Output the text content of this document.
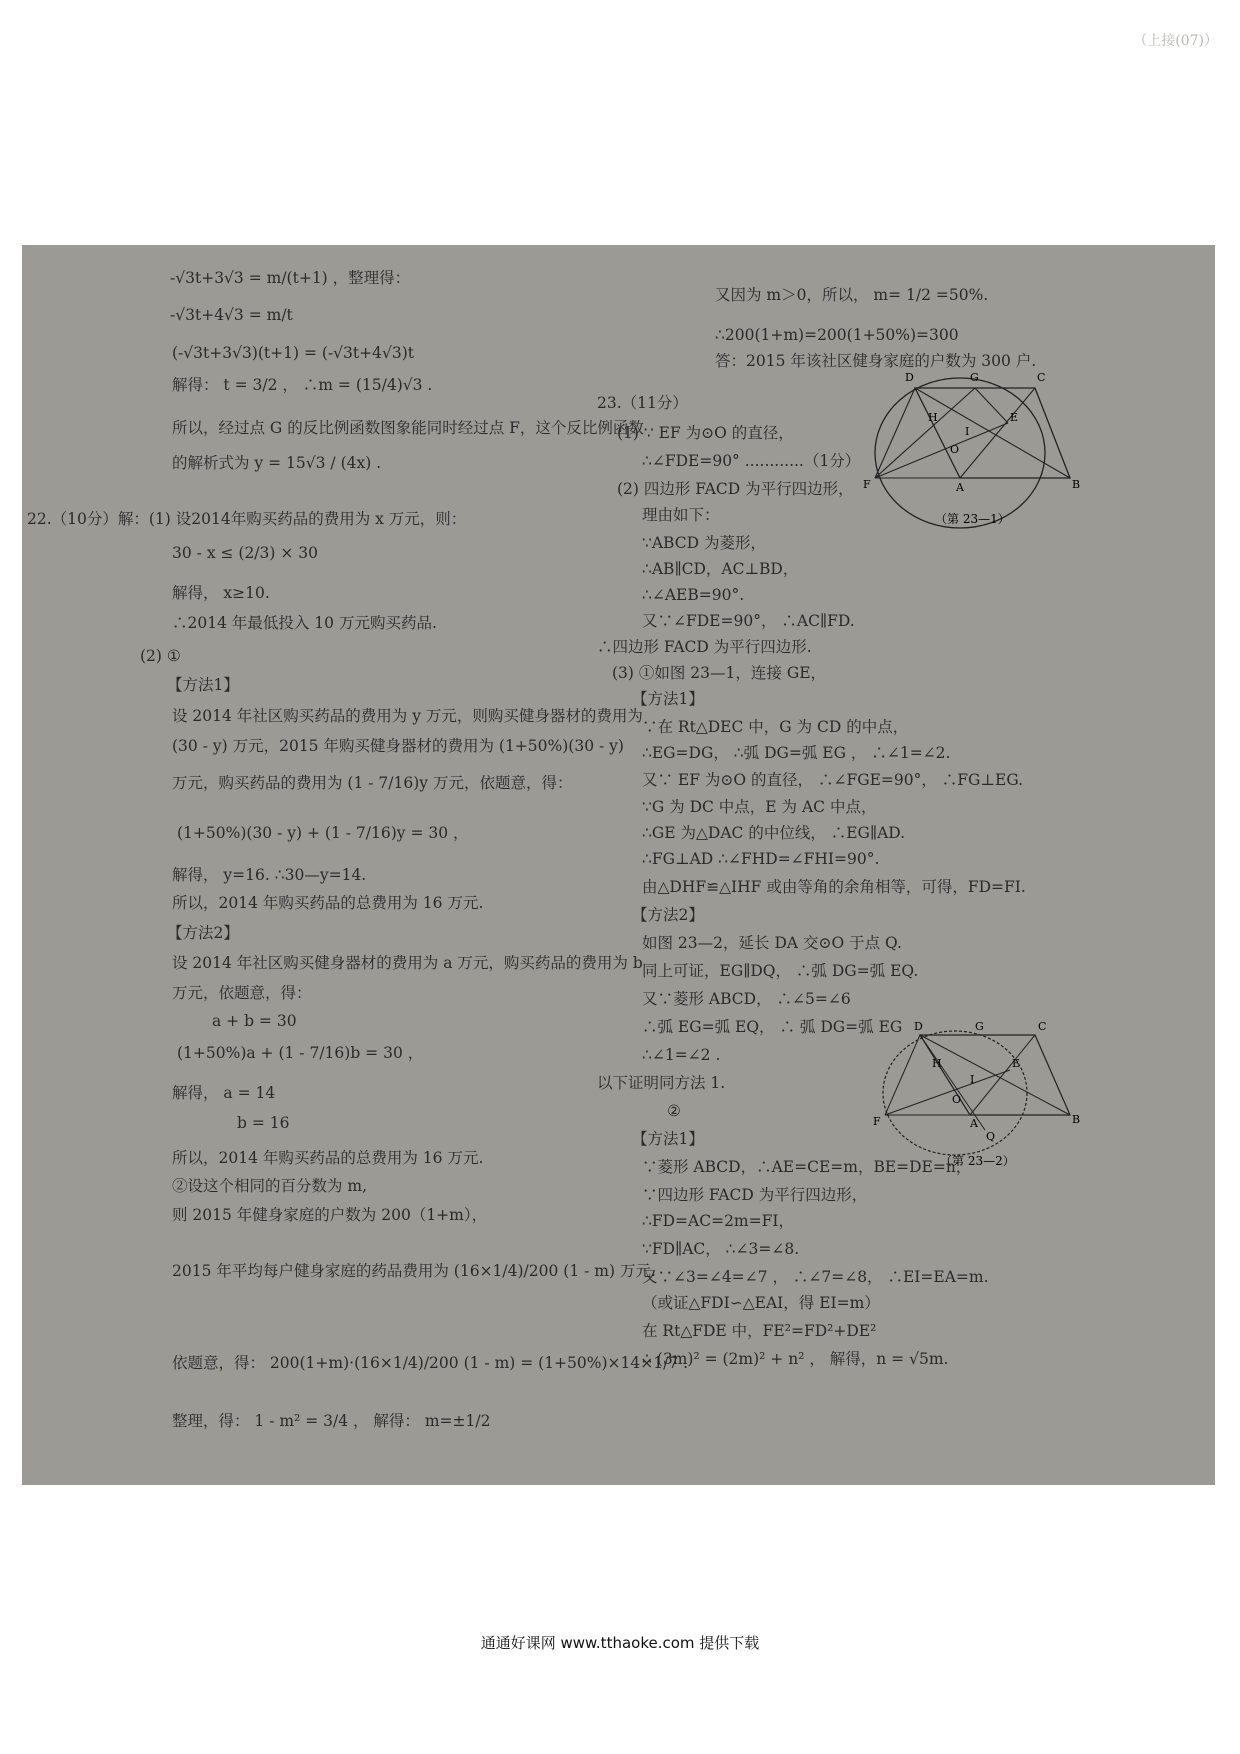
（上接(07)）
-√3t+3√3 = m/(t+1) ，整理得：
-√3t+4√3 = m/t
(-√3t+3√3)(t+1) = (-√3t+4√3)t
解得： t = 3/2 ， ∴m = (15/4)√3 .
所以，经过点 G 的反比例函数图象能同时经过点 F，这个反比例函数
的解析式为 y = 15√3 / (4x) .
22.（10分）解：(1) 设2014年购买药品的费用为 x 万元，则：
30 - x ≤ (2/3) × 30
解得， x≥10.
∴2014 年最低投入 10 万元购买药品.
(2) ①
【方法1】
设 2014 年社区购买药品的费用为 y 万元，则购买健身器材的费用为
(30 - y) 万元，2015 年购买健身器材的费用为 (1+50%)(30 - y)
万元，购买药品的费用为 (1 - 7/16)y 万元，依题意，得：
(1+50%)(30 - y) + (1 - 7/16)y = 30 ，
解得， y=16. ∴30—y=14.
所以，2014 年购买药品的总费用为 16 万元.
【方法2】
设 2014 年社区购买健身器材的费用为 a 万元，购买药品的费用为 b
万元，依题意，得：
a + b = 30
(1+50%)a + (1 - 7/16)b = 30 ，
解得， a = 14
b = 16
所以，2014 年购买药品的总费用为 16 万元.
②设这个相同的百分数为 m,
则 2015 年健身家庭的户数为 200（1+m），
2015 年平均每户健身家庭的药品费用为 (16×1/4)/200 (1 - m) 万元.
依题意，得： 200(1+m)·(16×1/4)/200 (1 - m) = (1+50%)×14×1/7 .
整理，得： 1 - m² = 3/4 ， 解得： m=±1/2
又因为 m＞0，所以， m= 1/2 =50%.
∴200(1+m)=200(1+50%)=300
答：2015 年该社区健身家庭的户数为 300 户.
23.（11分）
(1) ∵ EF 为⊙O 的直径，
∴∠FDE=90° ............（1分）
(2) 四边形 FACD 为平行四边形，
理由如下：
∵ABCD 为菱形，
∴AB∥CD，AC⊥BD，
∴∠AEB=90°.
又∵∠FDE=90°， ∴AC∥FD.
∴四边形 FACD 为平行四边形.
(3) ①如图 23—1，连接 GE，
【方法1】
∵在 Rt△DEC 中，G 为 CD 的中点，
∴EG=DG， ∴弧 DG=弧 EG ， ∴∠1=∠2.
又∵ EF 为⊙O 的直径， ∴∠FGE=90°， ∴FG⊥EG.
∵G 为 DC 中点，E 为 AC 中点，
∴GE 为△DAC 的中位线， ∴EG∥AD.
∴FG⊥AD ∴∠FHD=∠FHI=90°.
由△DHF≌△IHF 或由等角的余角相等，可得，FD=FI.
【方法2】
如图 23—2，延长 DA 交⊙O 于点 Q.
同上可证，EG∥DQ， ∴弧 DG=弧 EQ.
又∵菱形 ABCD， ∴∠5=∠6
∴弧 EG=弧 EQ， ∴ 弧 DG=弧 EG
∴∠1=∠2 .
以下证明同方法 1.
②
【方法1】
∵菱形 ABCD，∴AE=CE=m，BE=DE=n，
∵四边形 FACD 为平行四边形，
∴FD=AC=2m=FI，
∵FD∥AC， ∴∠3=∠8.
又∵∠3=∠4=∠7 ， ∴∠7=∠8， ∴EI=EA=m.
（或证△FDI∽△EAI，得 EI=m）
在 Rt△FDE 中，FE²=FD²+DE²
∴ (3m)² = (2m)² + n² ， 解得，n = √5m.
D	G	C
H	E
I
O
F	A	B
（第 23—1）
D	G	C
H	E
I
O
F	A
Q
B
（第 23—2）
通通好课网 www.tthaoke.com 提供下载
